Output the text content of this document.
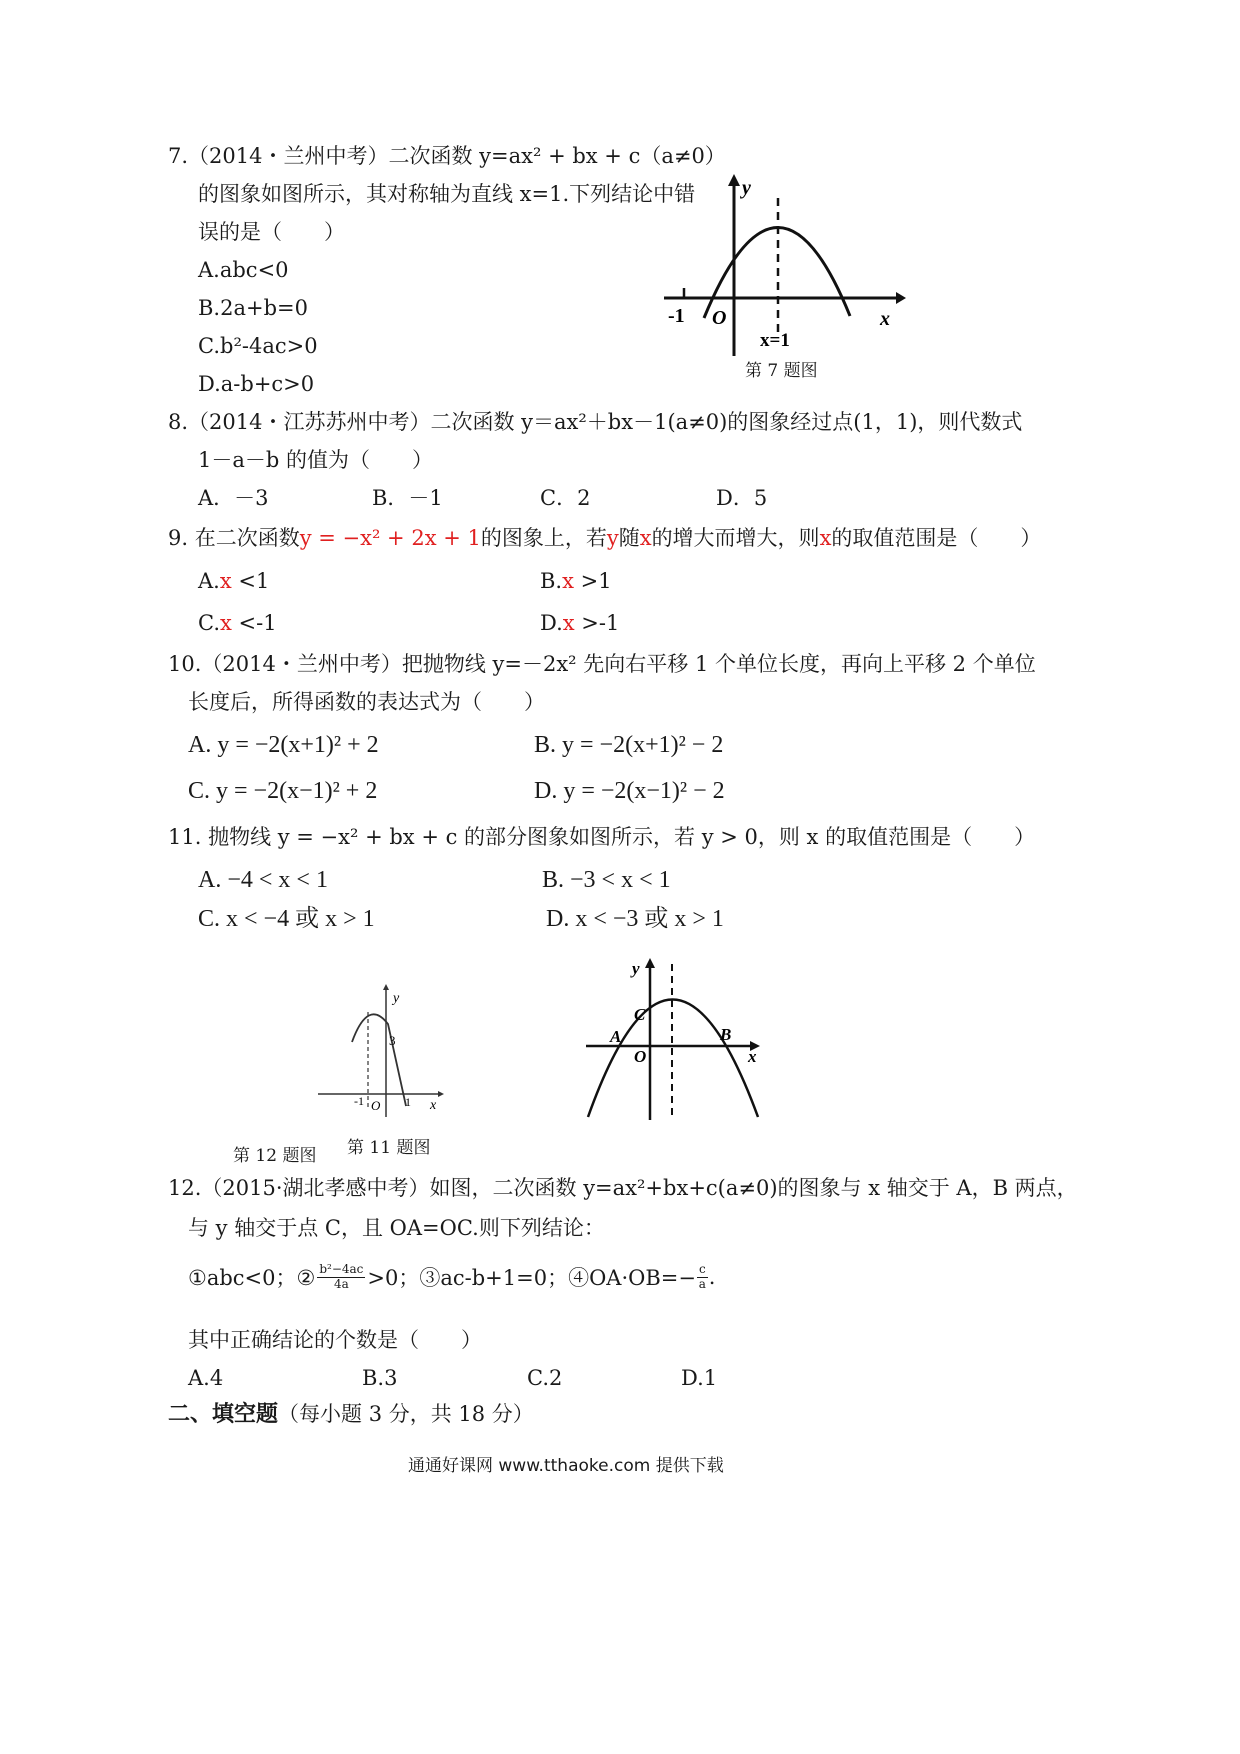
7.（2014・兰州中考）二次函数 y=ax² + bx + c（a≠0）
的图象如图所示，其对称轴为直线 x=1.下列结论中错
误的是（　　）
A.abc<0
B.2a+b=0
C.b²-4ac>0
D.a-b+c>0
y
x
-1 O
x=1
第 7 题图
8.（2014・江苏苏州中考）二次函数 y＝ax²＋bx－1(a≠0)的图象经过点(1，1)，则代数式
1－a－b 的值为（　　）
A．－3	B．－1	C．2	D．5
9. 在二次函数y = −x² + 2x + 1的图象上，若y随x的增大而增大，则x的取值范围是（　　）
A.x <1	B.x >1
C.x <-1	D.x >-1
10.（2014・兰州中考）把抛物线 y=－2x² 先向右平移 1 个单位长度，再向上平移 2 个单位
长度后，所得函数的表达式为（　　）
A. y = −2(x+1)² + 2	B. y = −2(x+1)² − 2
C. y = −2(x−1)² + 2	D. y = −2(x−1)² − 2
11. 抛物线 y = −x² + bx + c 的部分图象如图所示，若 y > 0，则 x 的取值范围是（　　）
A. −4 < x < 1	B. −3 < x < 1
C. x < −4 或 x > 1	D. x < −3 或 x > 1
y
x
3
-1 O 1
第 11 题图
y
x
C
A	B
O
第 12 题图
12.（2015·湖北孝感中考）如图，二次函数 y=ax²+bx+c(a≠0)的图象与 x 轴交于 A，B 两点，
与 y 轴交于点 C，且 OA=OC.则下列结论：
①abc<0；② $\frac{\text{b²−4ac}}{4a} >0$；③ac-b+1=0；④OA·OB=− $\frac{c}{a}$ .
其中正确结论的个数是（　　）
A.4	B.3	C.2	D.1
二、填空题（每小题 3 分，共 18 分）
通通好课网 www.tthaoke.com 提供下载
